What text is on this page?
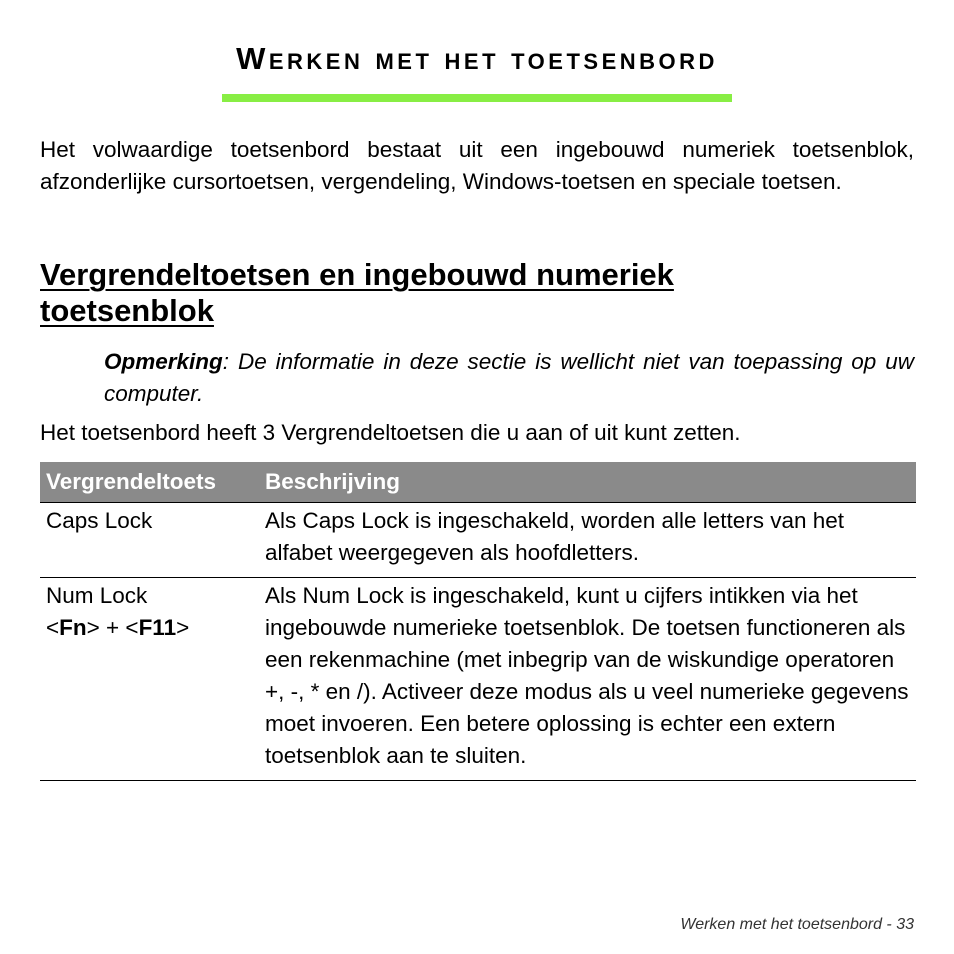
Werken met het toetsenbord

Het volwaardige toetsenbord bestaat uit een ingebouwd numeriek toetsenblok, afzonderlijke cursortoetsen, vergendeling, Windows-toetsen en speciale toetsen.

Vergrendeltoetsen en ingebouwd numeriek toetsenblok

Opmerking: De informatie in deze sectie is wellicht niet van toepassing op uw computer.

Het toetsenbord heeft 3 Vergrendeltoetsen die u aan of uit kunt zetten.

Vergrendeltoets	Beschrijving
Caps Lock	Als Caps Lock is ingeschakeld, worden alle letters van het alfabet weergegeven als hoofdletters.

Num Lock
<Fn> + <F11>	Als Num Lock is ingeschakeld, kunt u cijfers intikken via het ingebouwde numerieke toetsenblok. De toetsen functioneren als een rekenmachine (met inbegrip van de wiskundige operatoren +, -, * en /). Activeer deze modus als u veel numerieke gegevens moet invoeren. Een betere oplossing is echter een extern toetsenblok aan te sluiten.

Werken met het toetsenbord - 33
